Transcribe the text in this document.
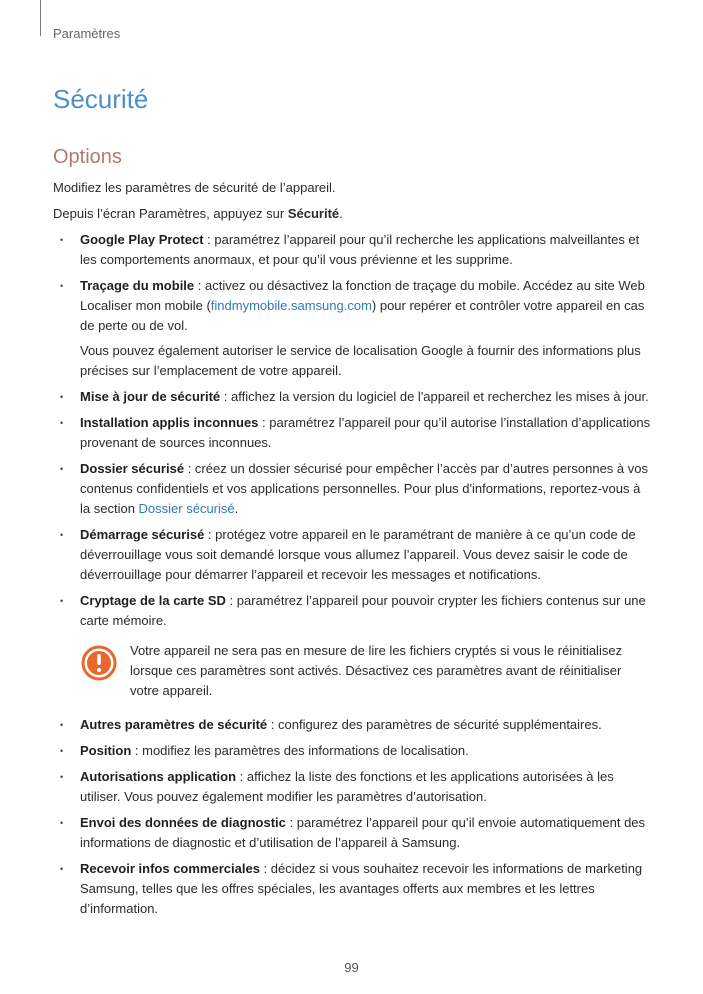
Paramètres
Sécurité
Options

Modifiez les paramètres de sécurité de l’appareil.

Depuis l’écran Paramètres, appuyez sur Sécurité.

• Google Play Protect : paramétrez l’appareil pour qu’il recherche les applications malveillantes et les comportements anormaux, et pour qu’il vous prévienne et les supprime.
• Traçage du mobile : activez ou désactivez la fonction de traçage du mobile. Accédez au site Web Localiser mon mobile (findmymobile.samsung.com) pour repérer et contrôler votre appareil en cas de perte ou de vol.
Vous pouvez également autoriser le service de localisation Google à fournir des informations plus précises sur l’emplacement de votre appareil.
• Mise à jour de sécurité : affichez la version du logiciel de l'appareil et recherchez les mises à jour.
• Installation applis inconnues : paramétrez l’appareil pour qu’il autorise l’installation d’applications provenant de sources inconnues.
• Dossier sécurisé : créez un dossier sécurisé pour empêcher l’accès par d’autres personnes à vos contenus confidentiels et vos applications personnelles. Pour plus d'informations, reportez-vous à la section Dossier sécurisé.
• Démarrage sécurisé : protégez votre appareil en le paramétrant de manière à ce qu’un code de déverrouillage vous soit demandé lorsque vous allumez l’appareil. Vous devez saisir le code de déverrouillage pour démarrer l’appareil et recevoir les messages et notifications.
• Cryptage de la carte SD : paramétrez l’appareil pour pouvoir crypter les fichiers contenus sur une carte mémoire.
Votre appareil ne sera pas en mesure de lire les fichiers cryptés si vous le réinitialisez lorsque ces paramètres sont activés. Désactivez ces paramètres avant de réinitialiser votre appareil.
• Autres paramètres de sécurité : configurez des paramètres de sécurité supplémentaires.
• Position : modifiez les paramètres des informations de localisation.
• Autorisations application : affichez la liste des fonctions et les applications autorisées à les utiliser. Vous pouvez également modifier les paramètres d’autorisation.
• Envoi des données de diagnostic : paramétrez l’appareil pour qu’il envoie automatiquement des informations de diagnostic et d’utilisation de l’appareil à Samsung.
• Recevoir infos commerciales : décidez si vous souhaitez recevoir les informations de marketing Samsung, telles que les offres spéciales, les avantages offerts aux membres et les lettres d’information.
99
